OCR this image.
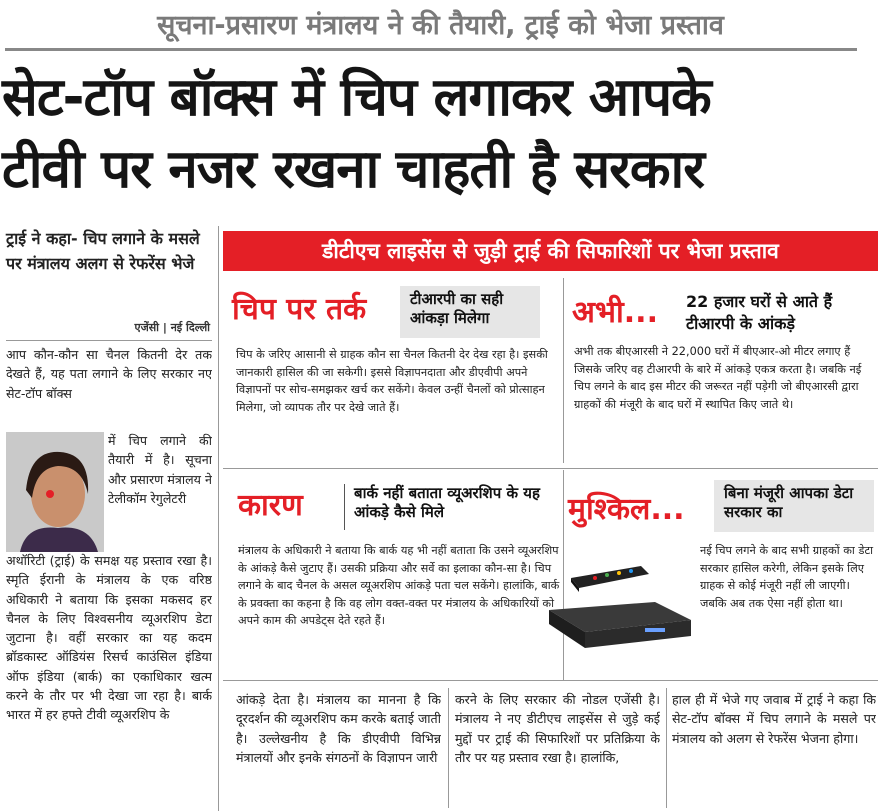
सूचना-प्रसारण मंत्रालय ने की तैयारी, ट्राई को भेजा प्रस्ताव
सेट-टॉप बॉक्स में चिप लगाकर आपके
टीवी पर नजर रखना चाहती है सरकार
ट्राई ने कहा- चिप लगाने के मसले पर मंत्रालय अलग से रेफरेंस भेजे
एजेंसी | नई दिल्ली
आप कौन-कौन सा चैनल कितनी देर तक देखते हैं, यह पता लगाने के लिए सरकार नए सेट-टॉप बॉक्स
में चिप लगाने की तैयारी में है। सूचना और प्रसारण मंत्रालय ने टेलीकॉम रेगुलेटरी
अथॉरिटी (ट्राई) के समक्ष यह प्रस्ताव रखा है। स्मृति ईरानी के मंत्रालय के एक वरिष्ठ अधिकारी ने बताया कि इसका मकसद हर चैनल के लिए विश्वसनीय व्यूअरशिप डेटा जुटाना है। वहीं सरकार का यह कदम ब्रॉडकास्ट ऑडियंस रिसर्च काउंसिल इंडिया ऑफ इंडिया (बार्क) का एकाधिकार खत्म करने के तौर पर भी देखा जा रहा है। बार्क भारत में हर हफ्ते टीवी व्यूअरशिप के
डीटीएच लाइसेंस से जुड़ी ट्राई की सिफारिशों पर भेजा प्रस्ताव
चिप पर तर्क	टीआरपी का सही आंकड़ा मिलेगा
चिप के जरिए आसानी से ग्राहक कौन सा चैनल कितनी देर देख रहा है। इसकी जानकारी हासिल की जा सकेगी। इससे विज्ञापनदाता और डीएवीपी अपने विज्ञापनों पर सोच-समझकर खर्च कर सकेंगे। केवल उन्हीं चैनलों को प्रोत्साहन मिलेगा, जो व्यापक तौर पर देखे जाते हैं।
अभी... 22 हजार घरों से आते हैं
टीआरपी के आंकड़े
अभी तक बीएआरसी ने 22,000 घरों में बीएआर-ओ मीटर लगाए हैं जिसके जरिए वह टीआरपी के बारे में आंकड़े एकत्र करता है। जबकि नई चिप लगने के बाद इस मीटर की जरूरत नहीं पड़ेगी जो बीएआरसी द्वारा ग्राहकों की मंजूरी के बाद घरों में स्थापित किए जाते थे।
कारण	बार्क नहीं बताता व्यूअरशिप के यह आंकड़े कैसे मिले
मंत्रालय के अधिकारी ने बताया कि बार्क यह भी नहीं बताता कि उसने व्यूअरशिप के आंकड़े कैसे जुटाए हैं। उसकी प्रक्रिया और सर्वे का इलाका कौन-सा है। चिप लगाने के बाद चैनल के असल व्यूअरशिप आंकड़े पता चल सकेंगे। हालांकि, बार्क के प्रवक्ता का कहना है कि वह लोग वक्त-वक्त पर मंत्रालय के अधिकारियों को अपने काम की अपडेट्स देते रहते हैं।
मुश्किल...	बिना मंजूरी आपका डेटा सरकार का
नई चिप लगने के बाद सभी ग्राहकों का डेटा सरकार हासिल करेगी, लेकिन इसके लिए ग्राहक से कोई मंजूरी नहीं ली जाएगी। जबकि अब तक ऐसा नहीं होता था।
आंकड़े देता है। मंत्रालय का मानना है कि दूरदर्शन की व्यूअरशिप कम करके बताई जाती है। उल्लेखनीय है कि डीएवीपी विभिन्न मंत्रालयों और इनके संगठनों के विज्ञापन जारी
करने के लिए सरकार की नोडल एजेंसी है। मंत्रालय ने नए डीटीएच लाइसेंस से जुड़े कई मुद्दों पर ट्राई की सिफारिशों पर प्रतिक्रिया के तौर पर यह प्रस्ताव रखा है। हालांकि,
हाल ही में भेजे गए जवाब में ट्राई ने कहा कि सेट-टॉप बॉक्स में चिप लगाने के मसले पर मंत्रालय को अलग से रेफरेंस भेजना होगा।
